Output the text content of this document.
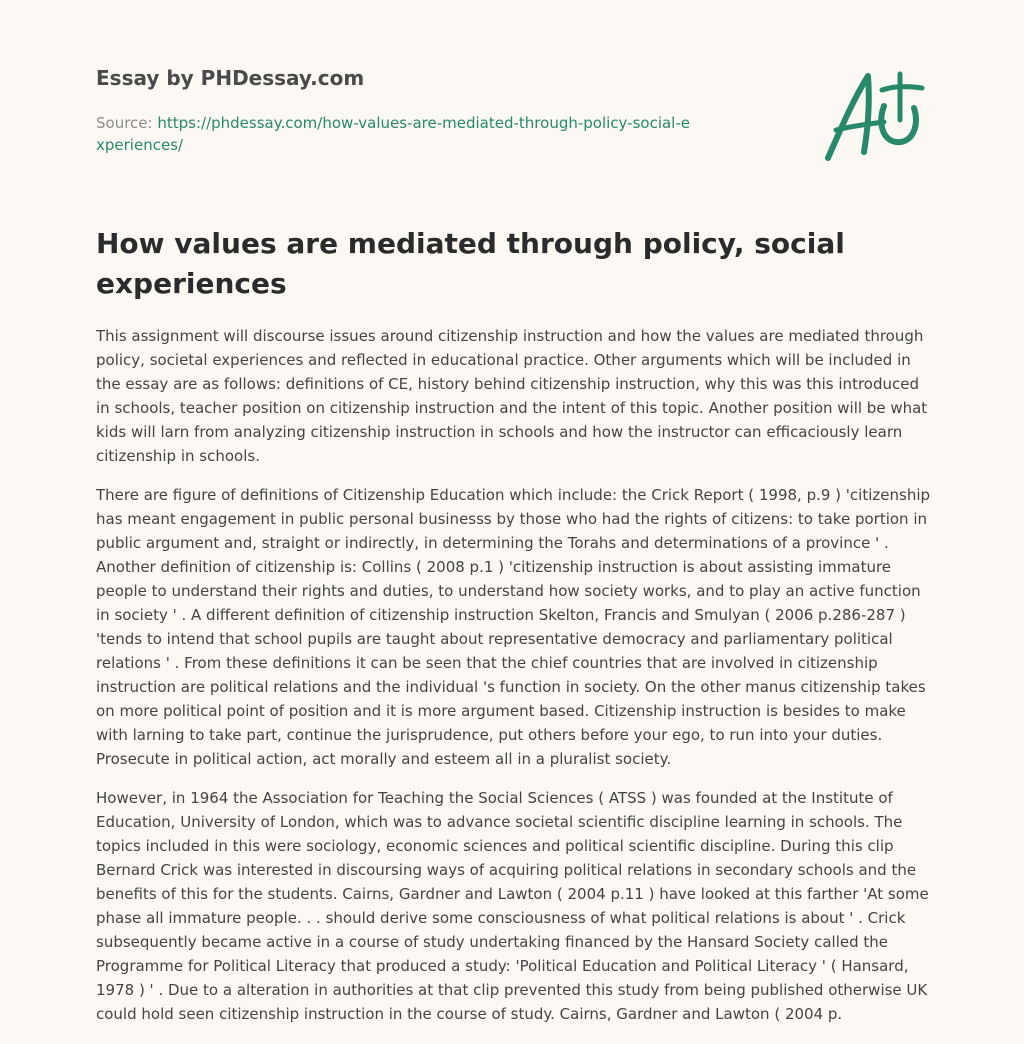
Essay by PHDessay.com
Source: https://phdessay.com/how-values-are-mediated-through-policy-social-experiences/
How values are mediated through policy, social experiences

This assignment will discourse issues around citizenship instruction and how the values are mediated through policy, societal experiences and reflected in educational practice. Other arguments which will be included in the essay are as follows: definitions of CE, history behind citizenship instruction, why this was this introduced in schools, teacher position on citizenship instruction and the intent of this topic. Another position will be what kids will larn from analyzing citizenship instruction in schools and how the instructor can efficaciously learn citizenship in schools.

There are figure of definitions of Citizenship Education which include: the Crick Report ( 1998, p.9 ) 'citizenship has meant engagement in public personal businesss by those who had the rights of citizens: to take portion in public argument and, straight or indirectly, in determining the Torahs and determinations of a province ' . Another definition of citizenship is: Collins ( 2008 p.1 ) 'citizenship instruction is about assisting immature people to understand their rights and duties, to understand how society works, and to play an active function in society ' . A different definition of citizenship instruction Skelton, Francis and Smulyan ( 2006 p.286-287 ) 'tends to intend that school pupils are taught about representative democracy and parliamentary political relations ' . From these definitions it can be seen that the chief countries that are involved in citizenship instruction are political relations and the individual 's function in society. On the other manus citizenship takes on more political point of position and it is more argument based. Citizenship instruction is besides to make with larning to take part, continue the jurisprudence, put others before your ego, to run into your duties. Prosecute in political action, act morally and esteem all in a pluralist society.

However, in 1964 the Association for Teaching the Social Sciences ( ATSS ) was founded at the Institute of Education, University of London, which was to advance societal scientific discipline learning in schools. The topics included in this were sociology, economic sciences and political scientific discipline. During this clip Bernard Crick was interested in discoursing ways of acquiring political relations in secondary schools and the benefits of this for the students. Cairns, Gardner and Lawton ( 2004 p.11 ) have looked at this farther 'At some phase all immature people. . . should derive some consciousness of what political relations is about ' . Crick subsequently became active in a course of study undertaking financed by the Hansard Society called the Programme for Political Literacy that produced a study: 'Political Education and Political Literacy ' ( Hansard, 1978 ) ' . Due to a alteration in authorities at that clip prevented this study from being published otherwise UK could hold seen citizenship instruction in the course of study. Cairns, Gardner and Lawton ( 2004 p.
